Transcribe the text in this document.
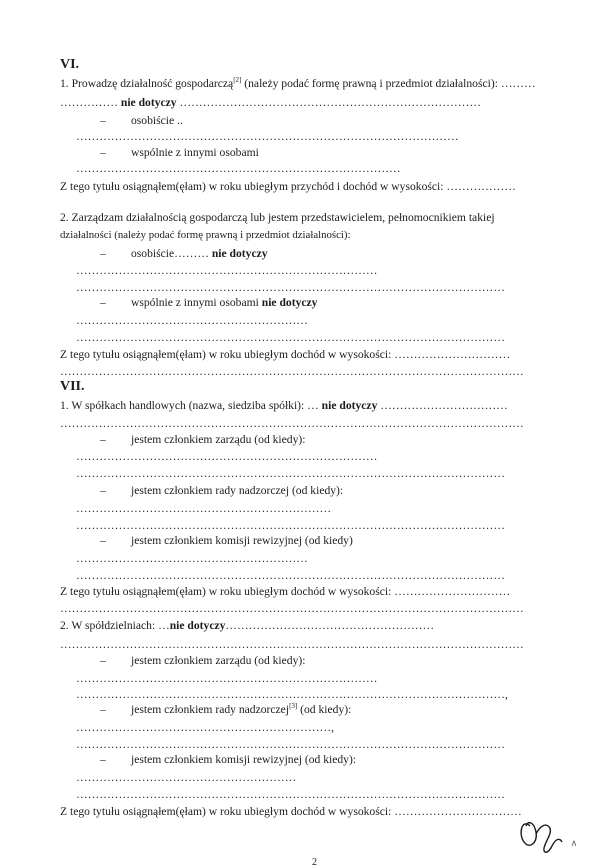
VI.
1. Prowadzę działalność gospodarczą[2] (należy podać formę prawną i przedmiot działalności): ………
…………… nie dotyczy ……………………………………………………………………
– osobiście ..
………………………………………………………………………………………
– wspólnie z innymi osobami
…………………………………………………………………………
Z tego tytułu osiągnąłem(ęłam) w roku ubiegłym przychód i dochód w wysokości: ………………
2. Zarządzam działalnością gospodarczą lub jestem przedstawicielem, pełnomocnikiem takiej
działalności (należy podać formę prawną i przedmiot działalności):
– osobiście……… nie dotyczy
……………………………………………………………………
…………………………………………………………………………………………………
– wspólnie z innymi osobami nie dotyczy
……………………………………………………
…………………………………………………………………………………………………
Z tego tytułu osiągnąłem(ęłam) w roku ubiegłym dochód w wysokości: …………………………
…………………………………………………………………………………………………………
VII.
1. W spółkach handlowych (nazwa, siedziba spółki): … nie dotyczy ……………………………
…………………………………………………………………………………………………………
– jestem członkiem zarządu (od kiedy):
……………………………………………………………………
…………………………………………………………………………………………………
– jestem członkiem rady nadzorczej (od kiedy):
…………………………………………………………
…………………………………………………………………………………………………
– jestem członkiem komisji rewizyjnej (od kiedy)
……………………………………………………
…………………………………………………………………………………………………
Z tego tytułu osiągnąłem(ęłam) w roku ubiegłym dochód w wysokości: …………………………
…………………………………………………………………………………………………………
2. W spółdzielniach: …nie dotyczy………………………………………………
…………………………………………………………………………………………………………
– jestem członkiem zarządu (od kiedy):
……………………………………………………………………
…………………………………………………………………………………………………,
– jestem członkiem rady nadzorczej[3] (od kiedy):
…………………………………………………………,
…………………………………………………………………………………………………
– jestem członkiem komisji rewizyjnej (od kiedy):
…………………………………………………
…………………………………………………………………………………………………
Z tego tytułu osiągnąłem(ęłam) w roku ubiegłym dochód w wysokości: ……………………………
2
